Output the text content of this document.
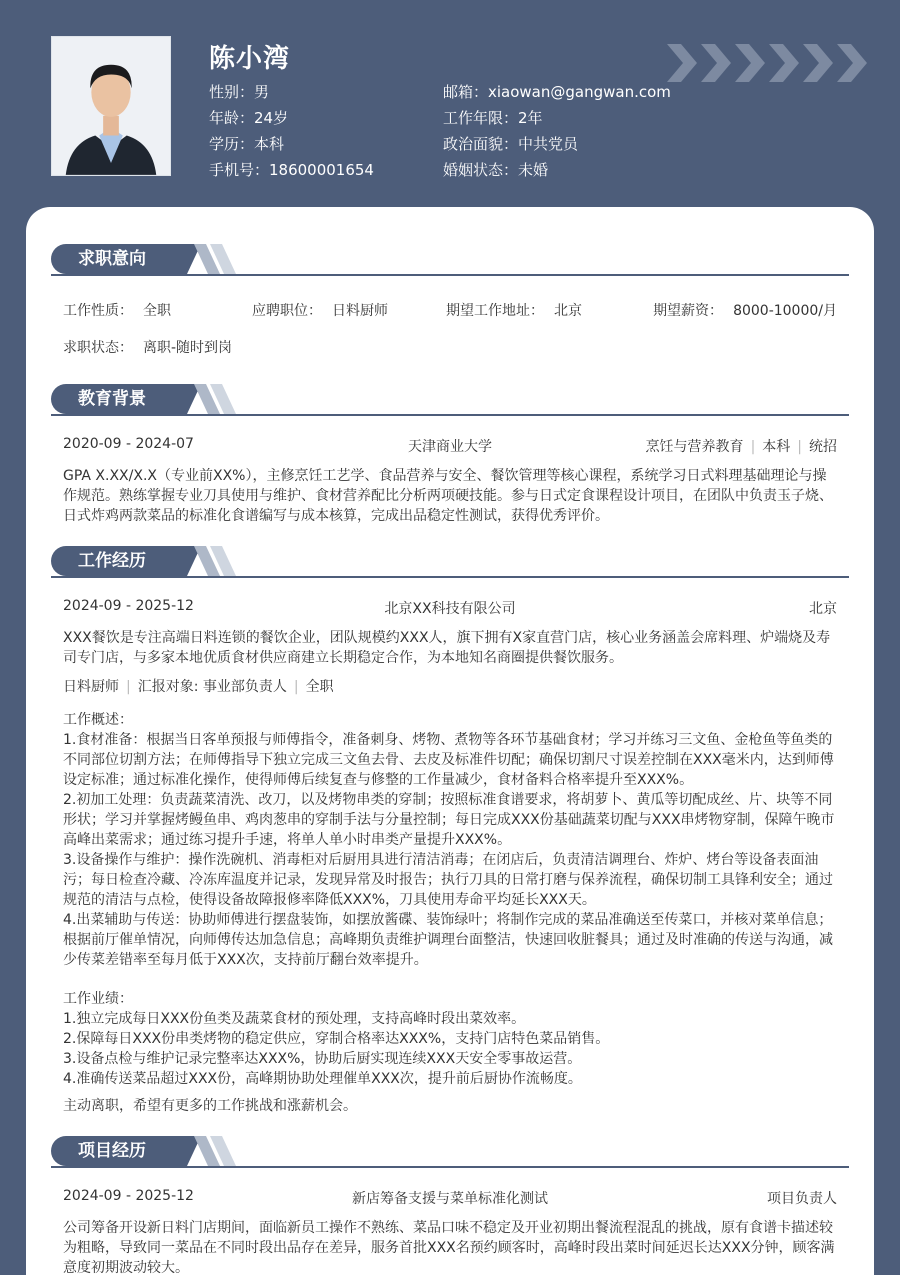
陈小湾
性别：男
年龄：24岁
学历：本科
手机号：18600001654
邮箱：xiaowan@gangwan.com
工作年限：2年
政治面貌：中共党员
婚姻状态：未婚
求职意向
工作性质： 全职	应聘职位： 日料厨师	期望工作地址： 北京	期望薪资： 8000-10000/月
求职状态： 离职-随时到岗
教育背景
2020-09 - 2024-07	天津商业大学	烹饪与营养教育 | 本科 | 统招
GPA X.XX/X.X（专业前XX%），主修烹饪工艺学、食品营养与安全、餐饮管理等核心课程，系统学习日式料理基础理论与操作规范。熟练掌握专业刀具使用与维护、食材营养配比分析两项硬技能。参与日式定食课程设计项目，在团队中负责玉子烧、日式炸鸡两款菜品的标准化食谱编写与成本核算，完成出品稳定性测试，获得优秀评价。
工作经历
2024-09 - 2025-12	北京XX科技有限公司	北京
XXX餐饮是专注高端日料连锁的餐饮企业，团队规模约XXX人，旗下拥有X家直营门店，核心业务涵盖会席料理、炉端烧及寿司专门店，与多家本地优质食材供应商建立长期稳定合作，为本地知名商圈提供餐饮服务。
日料厨师 | 汇报对象: 事业部负责人 | 全职
工作概述：
1.食材准备：根据当日客单预报与师傅指令，准备刺身、烤物、煮物等各环节基础食材；学习并练习三文鱼、金枪鱼等鱼类的不同部位切割方法；在师傅指导下独立完成三文鱼去骨、去皮及标准件切配；确保切割尺寸误差控制在XXX毫米内，达到师傅设定标准；通过标准化操作，使得师傅后续复查与修整的工作量减少，食材备料合格率提升至XXX%。
2.初加工处理：负责蔬菜清洗、改刀，以及烤物串类的穿制；按照标准食谱要求，将胡萝卜、黄瓜等切配成丝、片、块等不同形状；学习并掌握烤鳗鱼串、鸡肉葱串的穿制手法与分量控制；每日完成XXX份基础蔬菜切配与XXX串烤物穿制，保障午晚市高峰出菜需求；通过练习提升手速，将单人单小时串类产量提升XXX%。
3.设备操作与维护：操作洗碗机、消毒柜对后厨用具进行清洁消毒；在闭店后，负责清洁调理台、炸炉、烤台等设备表面油污；每日检查冷藏、冷冻库温度并记录，发现异常及时报告；执行刀具的日常打磨与保养流程，确保切制工具锋利安全；通过规范的清洁与点检，使得设备故障报修率降低XXX%，刀具使用寿命平均延长XXX天。
4.出菜辅助与传送：协助师傅进行摆盘装饰，如摆放酱碟、装饰绿叶；将制作完成的菜品准确送至传菜口，并核对菜单信息；根据前厅催单情况，向师傅传达加急信息；高峰期负责维护调理台面整洁，快速回收脏餐具；通过及时准确的传送与沟通，减少传菜差错率至每月低于XXX次，支持前厅翻台效率提升。
工作业绩：
1.独立完成每日XXX份鱼类及蔬菜食材的预处理，支持高峰时段出菜效率。
2.保障每日XXX份串类烤物的稳定供应，穿制合格率达XXX%，支持门店特色菜品销售。
3.设备点检与维护记录完整率达XXX%，协助后厨实现连续XXX天安全零事故运营。
4.准确传送菜品超过XXX份，高峰期协助处理催单XXX次，提升前后厨协作流畅度。
主动离职，希望有更多的工作挑战和涨薪机会。
项目经历
2024-09 - 2025-12	新店筹备支援与菜单标准化测试	项目负责人
公司筹备开设新日料门店期间，面临新员工操作不熟练、菜品口味不稳定及开业初期出餐流程混乱的挑战，原有食谱卡描述较为粗略，导致同一菜品在不同时段出品存在差异，服务首批XXX名预约顾客时，高峰时段出菜时间延迟长达XXX分钟，顾客满意度初期波动较大。
